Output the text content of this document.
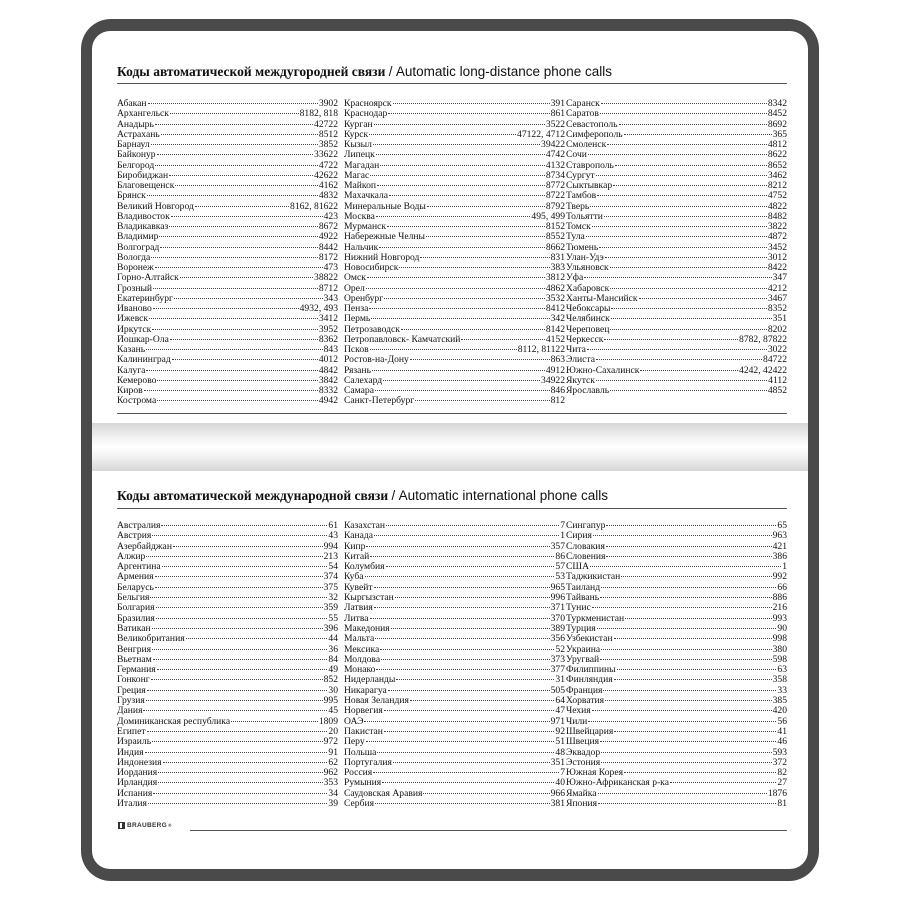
Коды автоматической междугородней связи / Automatic long-distance phone calls
Абакан	3902
Архангельск	8182, 818
Анадырь	42722
Астрахань	8512
Барнаул	3852
Байконур	33622
Белгород	4722
Биробиджан	42622
Благовещенск	4162
Брянск	4832
Великий Новгород	8162, 81622
Владивосток	423
Владикавказ	8672
Владимир	4922
Волгоград	8442
Вологда	8172
Воронеж	473
Горно-Алтайск	38822
Грозный	8712
Екатеринбург	343
Иваново	4932, 493
Ижевск	3412
Иркутск	3952
Йошкар-Ола	8362
Казань	843
Калининград	4012
Калуга	4842
Кемерово	3842
Киров	8332
Кострома	4942
Красноярск	391
Краснодар	861
Курган	3522
Курск	47122, 4712
Кызыл	39422
Липецк	4742
Магадан	4132
Магас	8734
Майкоп	8772
Махачкала	8722
Минеральные Воды	8792
Москва	495, 499
Мурманск	8152
Набережные Челны	8552
Нальчик	8662
Нижний Новгород	831
Новосибирск	383
Омск	3812
Орел	4862
Оренбург	3532
Пенза	8412
Пермь	342
Петрозаводск	8142
Петропавловск- Камчатский	4152
Псков	8112, 81122
Ростов-на-Дону	863
Рязань	4912
Салехард	34922
Самара	846
Санкт-Петербург	812
Саранск	8342
Саратов	8452
Севастополь	8692
Симферополь	365
Смоленск	4812
Сочи	8622
Ставрополь	8652
Сургут	3462
Сыктывкар	8212
Тамбов	4752
Тверь	4822
Тольятти	8482
Томск	3822
Тула	4872
Тюмень	3452
Улан-Удэ	3012
Ульяновск	8422
Уфа	347
Хабаровск	4212
Ханты-Мансийск	3467
Чебоксары	8352
Челябинск	351
Череповец	8202
Черкесск	8782, 87822
Чита	3022
Элиста	84722
Южно-Сахалинск	4242, 42422
Якутск	4112
Ярославль	4852
Коды автоматической международной связи / Automatic international phone calls
Австралия	61
Австрия	43
Азербайджан	994
Алжир	213
Аргентина	54
Армения	374
Беларусь	375
Бельгия	32
Болгария	359
Бразилия	55
Ватикан	396
Великобритания	44
Венгрия	36
Вьетнам	84
Германия	49
Гонконг	852
Греция	30
Грузия	995
Дания	45
Доминиканская республика	1809
Египет	20
Израиль	972
Индия	91
Индонезия	62
Иордания	962
Ирландия	353
Испания	34
Италия	39
Казахстан	7
Канада	1
Кипр	357
Китай	86
Колумбия	57
Куба	53
Кувейт	965
Кыргызстан	996
Латвия	371
Литва	370
Македония	389
Мальта	356
Мексика	52
Молдова	373
Монако	377
Нидерланды	31
Никарагуа	505
Новая Зеландия	64
Норвегия	47
ОАЭ	971
Пакистан	92
Перу	51
Польша	48
Португалия	351
Россия	7
Румыния	40
Саудовская Аравия	966
Сербия	381
Сингапур	65
Сирия	963
Словакия	421
Словения	386
США	1
Таджикистан	992
Таиланд	66
Тайвань	886
Тунис	216
Туркменистан	993
Турция	90
Узбекистан	998
Украина	380
Уругвай	598
Филиппины	63
Финляндия	358
Франция	33
Хорватия	385
Чехия	420
Чили	56
Швейцария	41
Швеция	46
Эквадор	593
Эстония	372
Южная Корея	82
Южно-Африканская р-ка	27
Ямайка	1876
Япония	81
BRAUBERG ®
